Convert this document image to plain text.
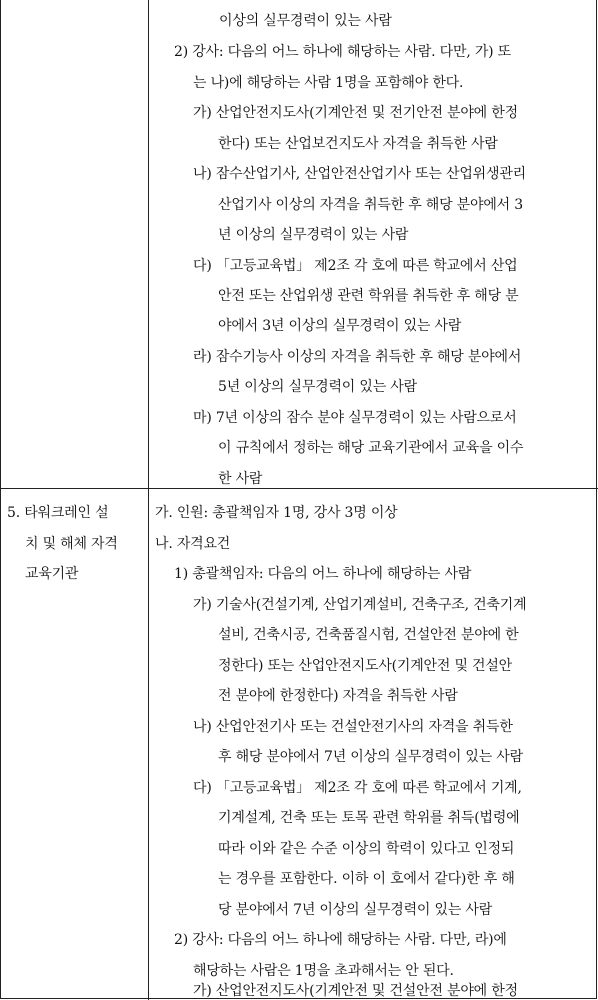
이상의 실무경력이 있는 사람
2) 강사: 다음의 어느 하나에 해당하는 사람. 다만, 가) 또
는 나)에 해당하는 사람 1명을 포함해야 한다.
가) 산업안전지도사(기계안전 및 전기안전 분야에 한정
한다) 또는 산업보건지도사 자격을 취득한 사람
나) 잠수산업기사, 산업안전산업기사 또는 산업위생관리
산업기사 이상의 자격을 취득한 후 해당 분야에서 3
년 이상의 실무경력이 있는 사람
다) 「고등교육법」 제2조 각 호에 따른 학교에서 산업
안전 또는 산업위생 관련 학위를 취득한 후 해당 분
야에서 3년 이상의 실무경력이 있는 사람
라) 잠수기능사 이상의 자격을 취득한 후 해당 분야에서
5년 이상의 실무경력이 있는 사람
마) 7년 이상의 잠수 분야 실무경력이 있는 사람으로서
이 규칙에서 정하는 해당 교육기관에서 교육을 이수
한 사람
5. 타워크레인 설
치 및 해체 자격
교육기관
가. 인원: 총괄책임자 1명, 강사 3명 이상
나. 자격요건
1) 총괄책임자: 다음의 어느 하나에 해당하는 사람
가) 기술사(건설기계, 산업기계설비, 건축구조, 건축기계
설비, 건축시공, 건축품질시험, 건설안전 분야에 한
정한다) 또는 산업안전지도사(기계안전 및 건설안
전 분야에 한정한다) 자격을 취득한 사람
나) 산업안전기사 또는 건설안전기사의 자격을 취득한
후 해당 분야에서 7년 이상의 실무경력이 있는 사람
다) 「고등교육법」 제2조 각 호에 따른 학교에서 기계,
기계설계, 건축 또는 토목 관련 학위를 취득(법령에
따라 이와 같은 수준 이상의 학력이 있다고 인정되
는 경우를 포함한다. 이하 이 호에서 같다)한 후 해
당 분야에서 7년 이상의 실무경력이 있는 사람
2) 강사: 다음의 어느 하나에 해당하는 사람. 다만, 라)에
해당하는 사람은 1명을 초과해서는 안 된다.
가) 산업안전지도사(기계안전 및 건설안전 분야에 한정
